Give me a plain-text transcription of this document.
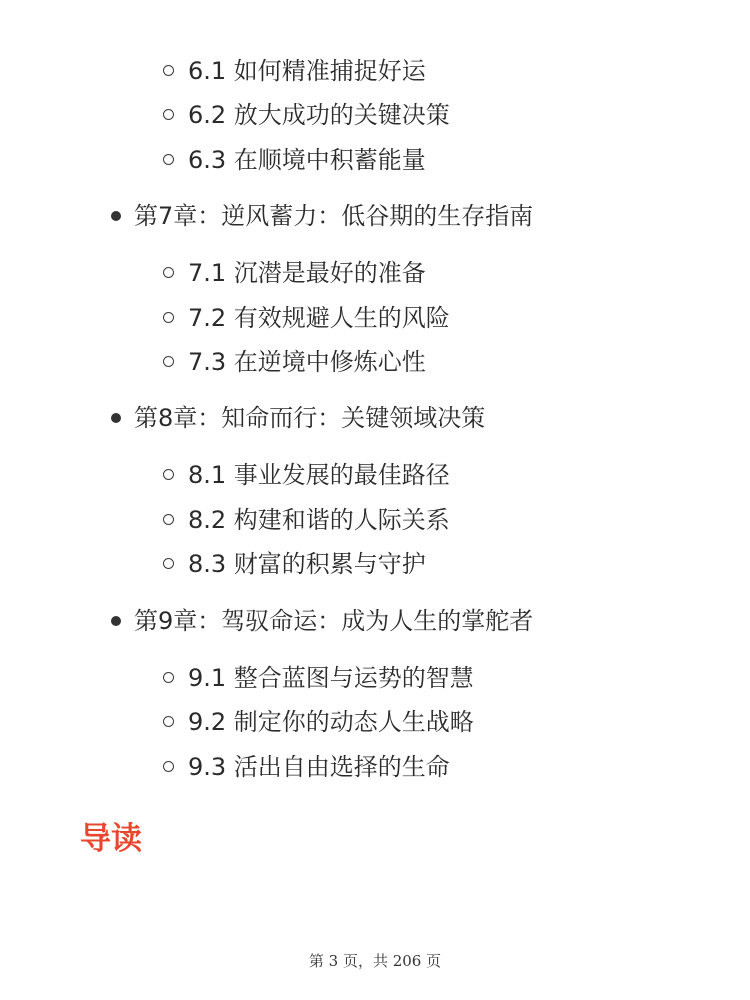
6.1 如何精准捕捉好运
6.2 放大成功的关键决策
6.3 在顺境中积蓄能量
第7章：逆风蓄力：低谷期的生存指南
7.1 沉潜是最好的准备
7.2 有效规避人生的风险
7.3 在逆境中修炼心性
第8章：知命而行：关键领域决策
8.1 事业发展的最佳路径
8.2 构建和谐的人际关系
8.3 财富的积累与守护
第9章：驾驭命运：成为人生的掌舵者
9.1 整合蓝图与运势的智慧
9.2 制定你的动态人生战略
9.3 活出自由选择的生命
导读
第 3 页，共 206 页
